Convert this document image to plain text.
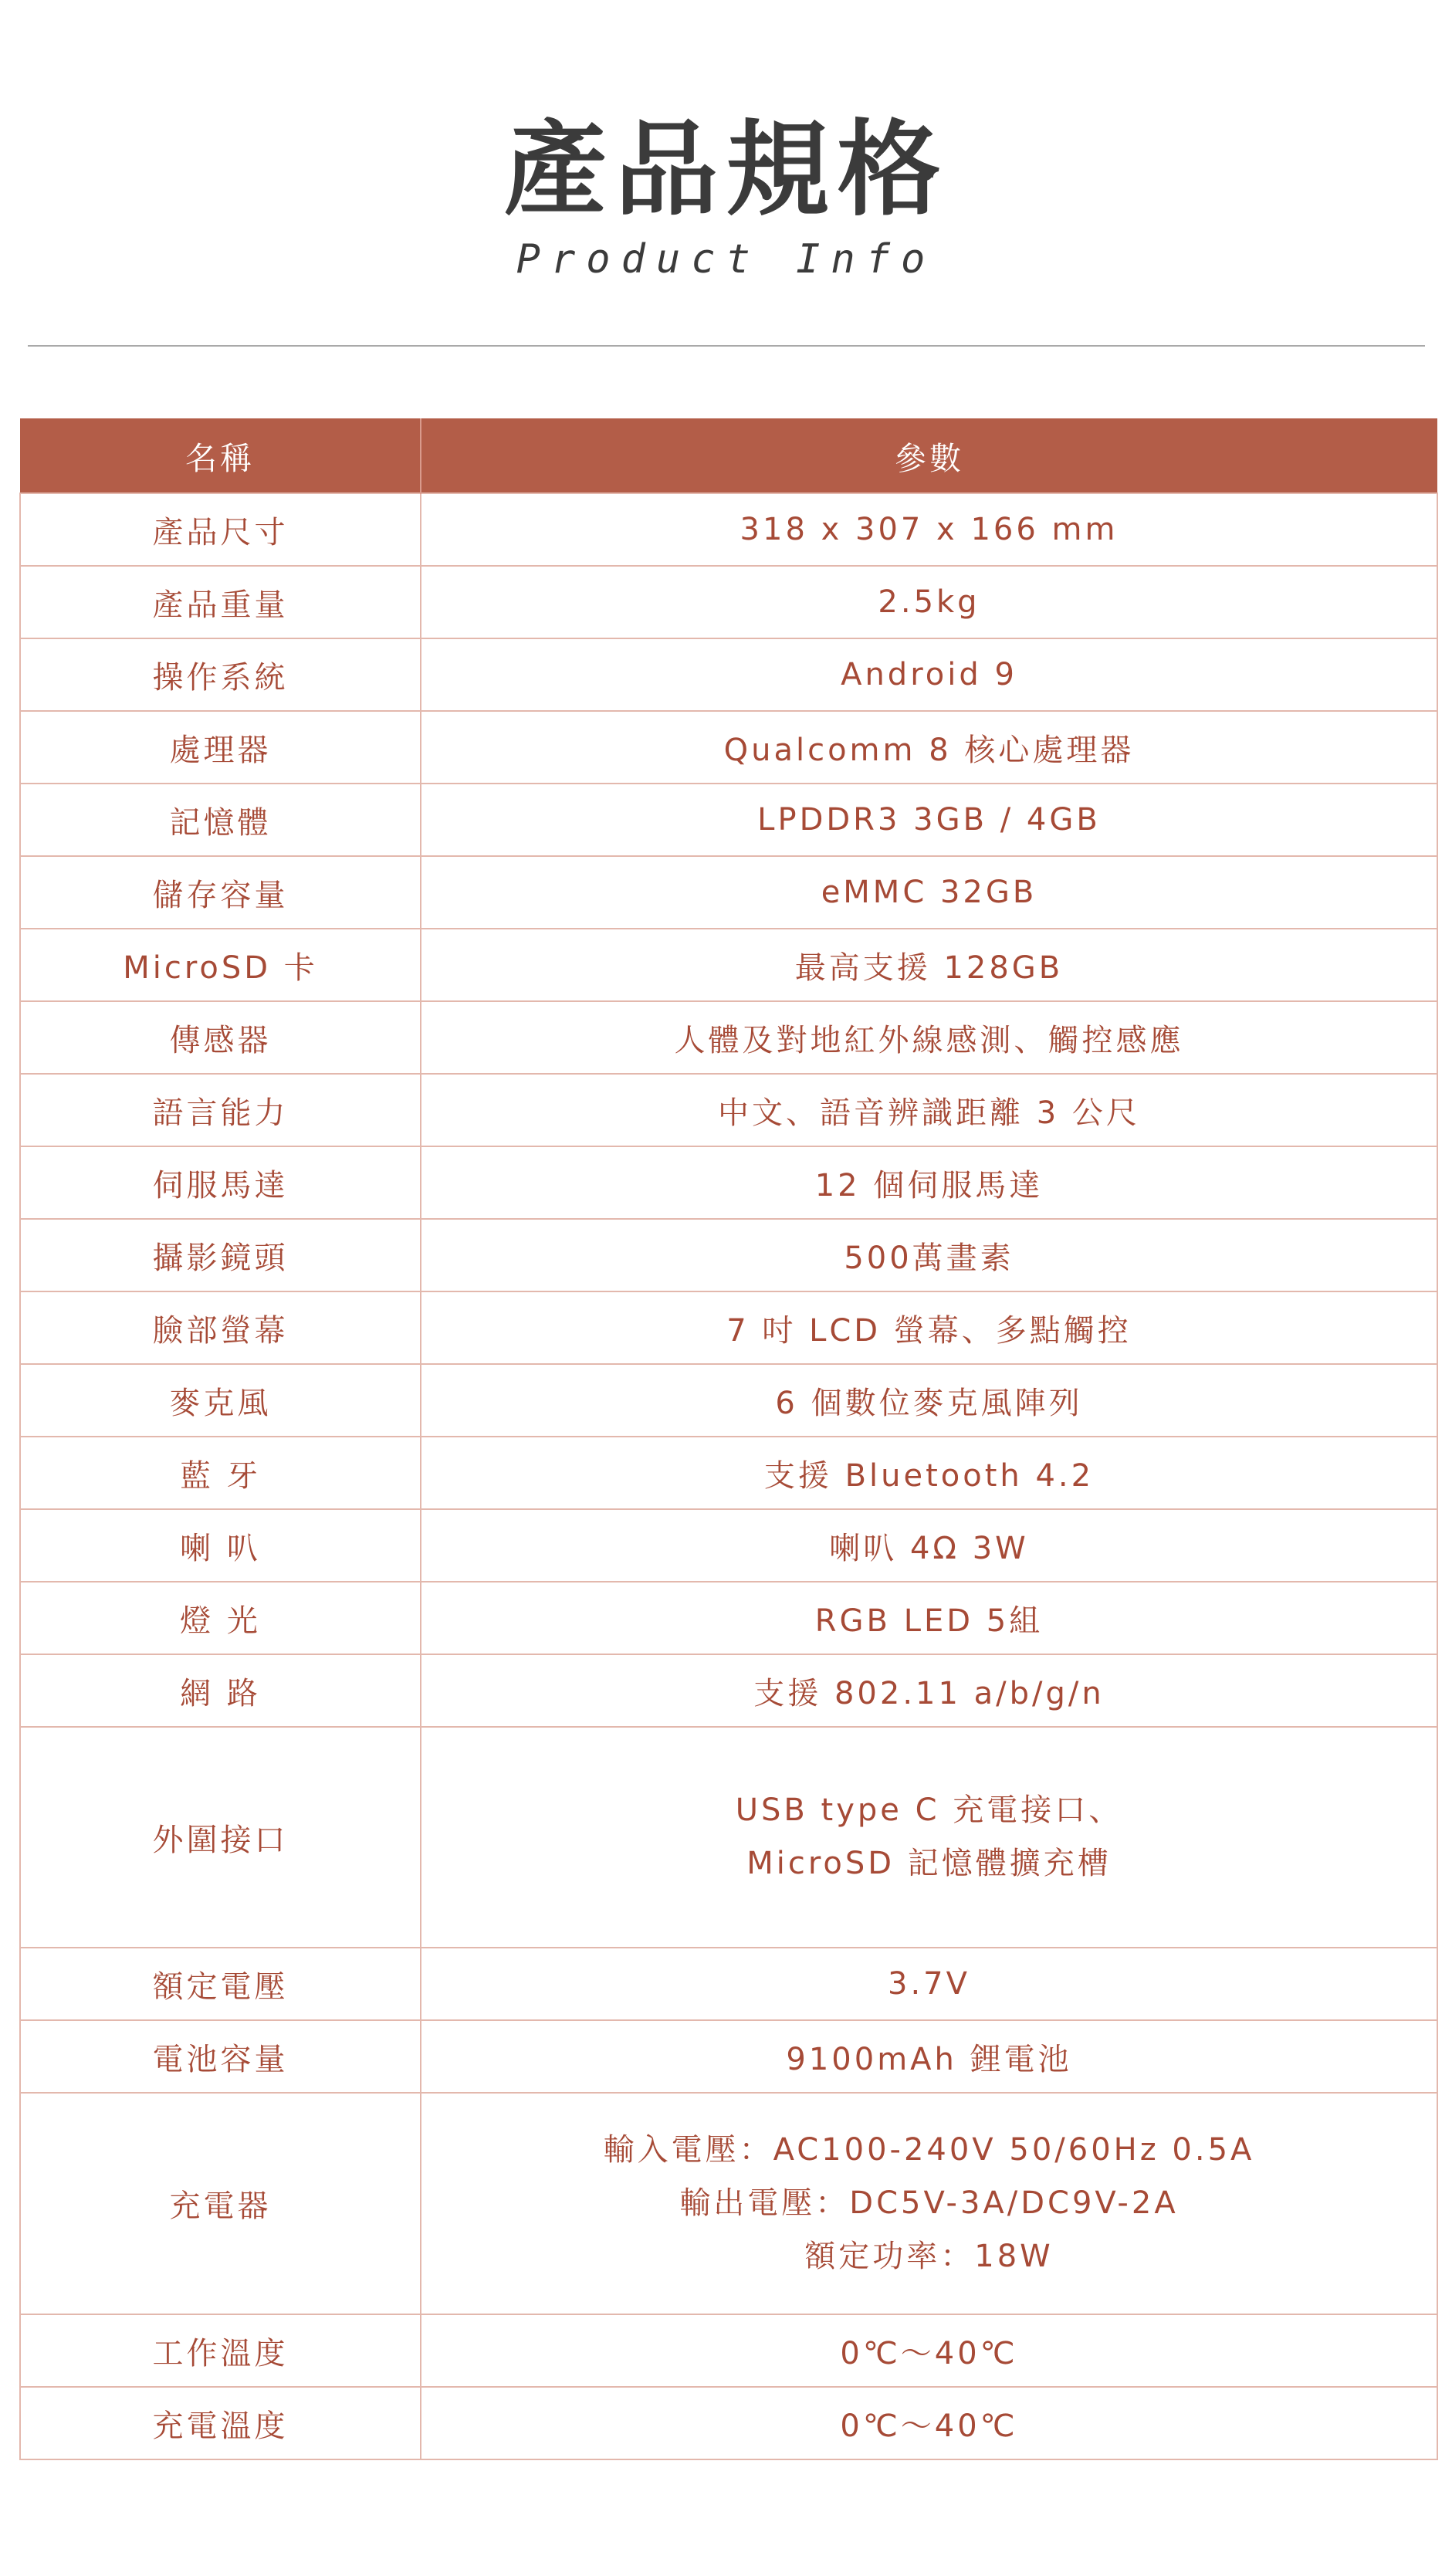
產品規格
Product Info
名稱	參數
產品尺寸	318 x 307 x 166 mm
產品重量	2.5kg
操作系統	Android 9
處理器	Qualcomm 8 核心處理器
記憶體	LPDDR3 3GB / 4GB
儲存容量	eMMC 32GB
MicroSD 卡	最高支援 128GB
傳感器	人體及對地紅外線感測、觸控感應
語言能力	中文、語音辨識距離 3 公尺
伺服馬達	12 個伺服馬達
攝影鏡頭	500萬畫素
臉部螢幕	7 吋 LCD 螢幕、多點觸控
麥克風	6 個數位麥克風陣列
藍 牙	支援 Bluetooth 4.2
喇 叭	喇叭 4Ω 3W
燈 光	RGB LED 5組
網 路	支援 802.11 a/b/g/n
外圍接口	USB type C 充電接口、
MicroSD 記憶體擴充槽

額定電壓	3.7V
電池容量	9100mAh 鋰電池
充電器	輸入電壓：AC100-240V 50/60Hz 0.5A
輸出電壓：DC5V-3A/DC9V-2A
額定功率：18W

工作溫度	0℃～40℃
充電溫度	0℃～40℃
